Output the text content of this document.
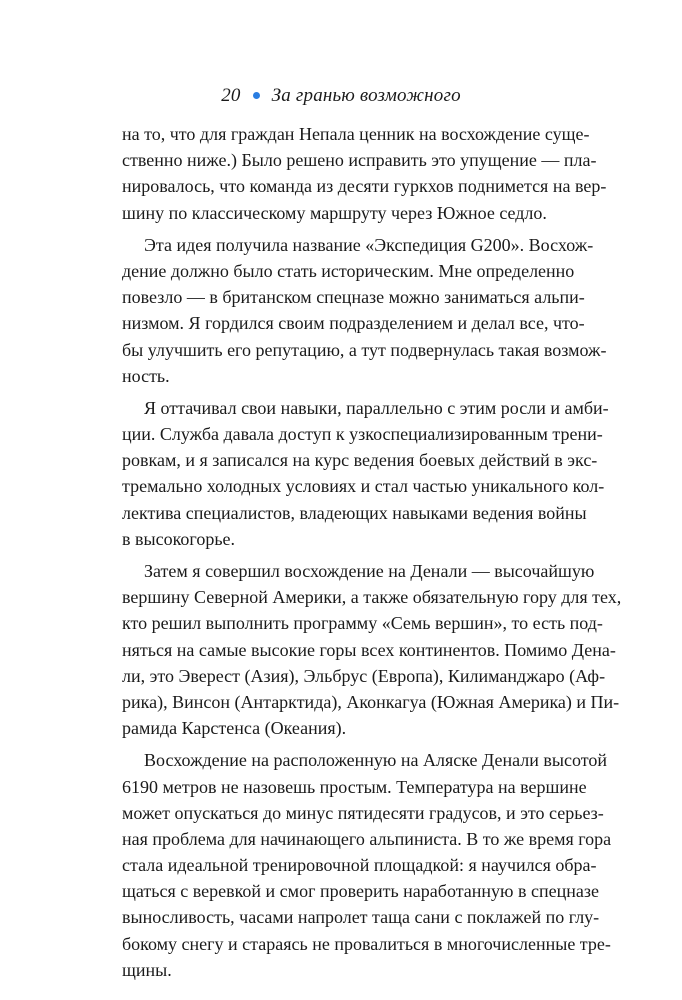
20 За гранью возможного
на то, что для граждан Непала ценник на восхождение суще-
ственно ниже.) Было решено исправить это упущение — пла-
нировалось, что команда из десяти гуркхов поднимется на вер-
шину по классическому маршруту через Южное седло.
Эта идея получила название «Экспедиция G200». Восхож-
дение должно было стать историческим. Мне определенно
повезло — в британском спецназе можно заниматься альпи-
низмом. Я гордился своим подразделением и делал все, что-
бы улучшить его репутацию, а тут подвернулась такая возмож-
ность.
Я оттачивал свои навыки, параллельно с этим росли и амби-
ции. Служба давала доступ к узкоспециализированным трени-
ровкам, и я записался на курс ведения боевых действий в экс-
тремально холодных условиях и стал частью уникального кол-
лектива специалистов, владеющих навыками ведения войны
в высокогорье.
Затем я совершил восхождение на Денали — высочайшую
вершину Северной Америки, а также обязательную гору для тех,
кто решил выполнить программу «Семь вершин», то есть под-
няться на самые высокие горы всех континентов. Помимо Дена-
ли, это Эверест (Азия), Эльбрус (Европа), Килиманджаро (Аф-
рика), Винсон (Антарктида), Аконкагуа (Южная Америка) и Пи-
рамида Карстенса (Океания).
Восхождение на расположенную на Аляске Денали высотой
6190 метров не назовешь простым. Температура на вершине
может опускаться до минус пятидесяти градусов, и это серьез-
ная проблема для начинающего альпиниста. В то же время гора
стала идеальной тренировочной площадкой: я научился обра-
щаться с веревкой и смог проверить наработанную в спецназе
выносливость, часами напролет таща сани с поклажей по глу-
бокому снегу и стараясь не провалиться в многочисленные тре-
щины.
